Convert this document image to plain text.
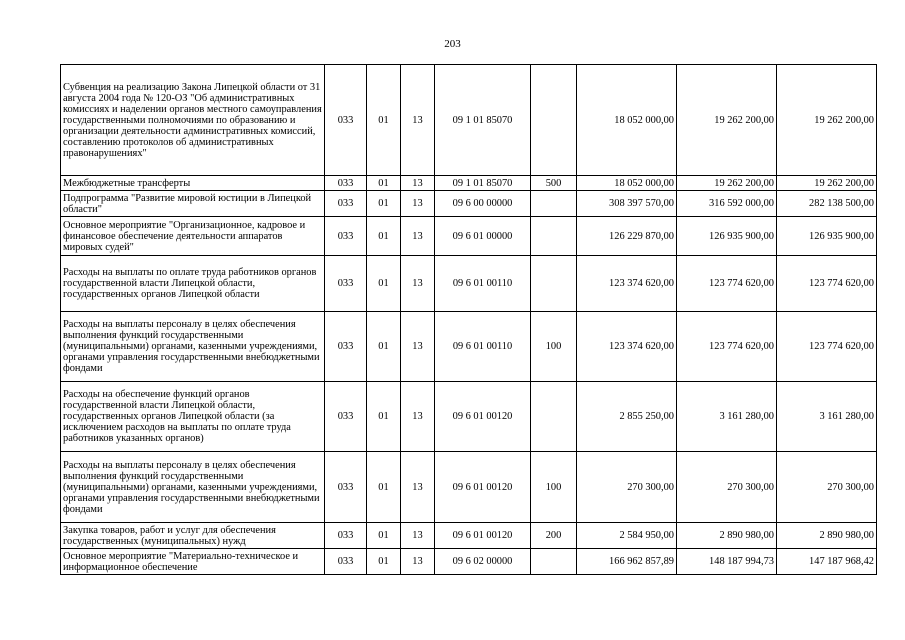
203
Субвенция на реализацию Закона Липецкой области от 31 августа 2004 года № 120-ОЗ "Об административных комиссиях и наделении органов местного самоуправления государственными полномочиями по образованию и организации деятельности административных комиссий, составлению протоколов об административных правонарушениях"	033	01	13	09 1 01 85070		18 052 000,00	19 262 200,00	19 262 200,00
Межбюджетные трансферты	033	01	13	09 1 01 85070	500	18 052 000,00	19 262 200,00	19 262 200,00
Подпрограмма "Развитие мировой юстиции в Липецкой области"	033	01	13	09 6 00 00000		308 397 570,00	316 592 000,00	282 138 500,00
Основное мероприятие "Организационное, кадровое и финансовое обеспечение деятельности аппаратов мировых судей"	033	01	13	09 6 01 00000		126 229 870,00	126 935 900,00	126 935 900,00
Расходы на выплаты по оплате труда работников органов государственной власти Липецкой области, государственных органов Липецкой области	033	01	13	09 6 01 00110		123 374 620,00	123 774 620,00	123 774 620,00
Расходы на выплаты персоналу в целях обеспечения выполнения функций государственными (муниципальными) органами, казенными учреждениями, органами управления государственными внебюджетными фондами	033	01	13	09 6 01 00110	100	123 374 620,00	123 774 620,00	123 774 620,00
Расходы на обеспечение функций органов государственной власти Липецкой области, государственных органов Липецкой области (за исключением расходов на выплаты по оплате труда работников указанных органов)	033	01	13	09 6 01 00120		2 855 250,00	3 161 280,00	3 161 280,00
Расходы на выплаты персоналу в целях обеспечения выполнения функций государственными (муниципальными) органами, казенными учреждениями, органами управления государственными внебюджетными фондами	033	01	13	09 6 01 00120	100	270 300,00	270 300,00	270 300,00
Закупка товаров, работ и услуг для обеспечения государственных (муниципальных) нужд	033	01	13	09 6 01 00120	200	2 584 950,00	2 890 980,00	2 890 980,00
Основное мероприятие "Материально-техническое и информационное обеспечение	033	01	13	09 6 02 00000		166 962 857,89	148 187 994,73	147 187 968,42
